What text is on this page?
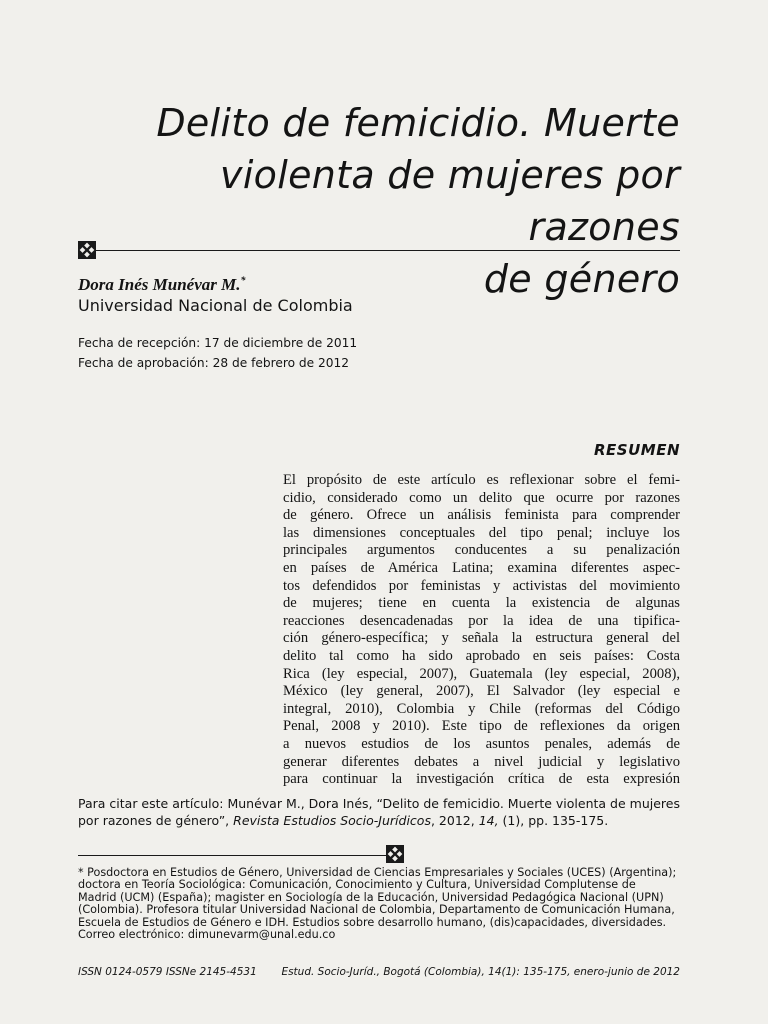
Delito de femicidio. Muerte
violenta de mujeres por razones
de género
Dora Inés Munévar M.*
Universidad Nacional de Colombia
Fecha de recepción: 17 de diciembre de 2011
Fecha de aprobación: 28 de febrero de 2012
RESUMEN
El propósito de este artículo es reflexionar sobre el femi-
cidio, considerado como un delito que ocurre por razones
de género. Ofrece un análisis feminista para comprender
las dimensiones conceptuales del tipo penal; incluye los
principales argumentos conducentes a su penalización
en países de América Latina; examina diferentes aspec-
tos defendidos por feministas y activistas del movimiento
de mujeres; tiene en cuenta la existencia de algunas
reacciones desencadenadas por la idea de una tipifica-
ción género-específica; y señala la estructura general del
delito tal como ha sido aprobado en seis países: Costa
Rica (ley especial, 2007), Guatemala (ley especial, 2008),
México (ley general, 2007), El Salvador (ley especial e
integral, 2010), Colombia y Chile (reformas del Código
Penal, 2008 y 2010). Este tipo de reflexiones da origen
a nuevos estudios de los asuntos penales, además de
generar diferentes debates a nivel judicial y legislativo
para continuar la investigación crítica de esta expresión
Para citar este artículo: Munévar M., Dora Inés, “Delito de femicidio. Muerte violenta de mujeres por razones de género”, Revista Estudios Socio-Jurídicos, 2012, 14, (1), pp. 135-175.
* Posdoctora en Estudios de Género, Universidad de Ciencias Empresariales y Sociales (UCES) (Argentina);
doctora en Teoría Sociológica: Comunicación, Conocimiento y Cultura, Universidad Complutense de
Madrid (UCM) (España); magister en Sociología de la Educación, Universidad Pedagógica Nacional (UPN)
(Colombia). Profesora titular Universidad Nacional de Colombia, Departamento de Comunicación Humana,
Escuela de Estudios de Género e IDH. Estudios sobre desarrollo humano, (dis)capacidades, diversidades.
Correo electrónico: dimunevarm@unal.edu.co
ISSN 0124-0579 ISSNe 2145-4531 Estud. Socio-Juríd., Bogotá (Colombia), 14(1): 135-175, enero-junio de 2012
